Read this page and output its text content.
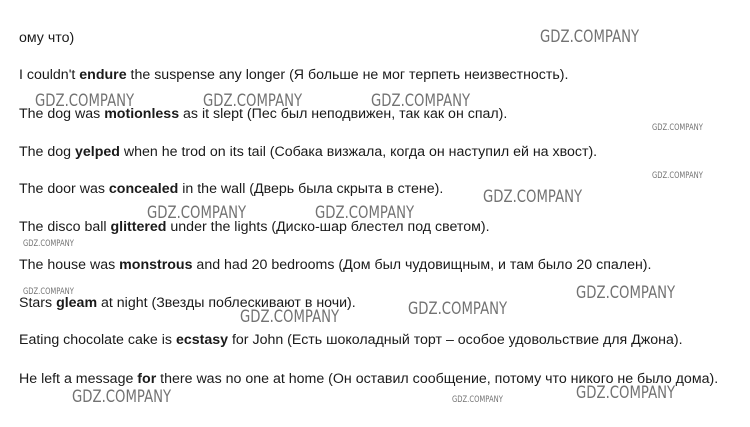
ому что)
I couldn't endure the suspense any longer (Я больше не мог терпеть неизвестность).
The dog was motionless as it slept (Пес был неподвижен, так как он спал).
The dog yelped when he trod on its tail (Собака визжала, когда он наступил ей на хвост).
The door was concealed in the wall (Дверь была скрыта в стене).
The disco ball glittered under the lights (Диско-шар блестел под светом).
The house was monstrous and had 20 bedrooms (Дом был чудовищным, и там было 20 спален).
Stars gleam at night (Звезды поблескивают в ночи).
Eating chocolate cake is ecstasy for John (Есть шоколадный торт – особое удовольствие для Джона).
He left a message for there was no one at home (Он оставил сообщение, потому что никого не было дома).
GDZ.COMPANY
GDZ.COMPANY	GDZ.COMPANY	GDZ.COMPANY
GDZ.COMPANY
GDZ.COMPANY
GDZ.COMPANY
GDZ.COMPANY	GDZ.COMPANY
GDZ.COMPANY
GDZ.COMPANY	GDZ.COMPANY
GDZ.COMPANY
GDZ.COMPANY
GDZ.COMPANY
GDZ.COMPANY	GDZ.COMPANY
